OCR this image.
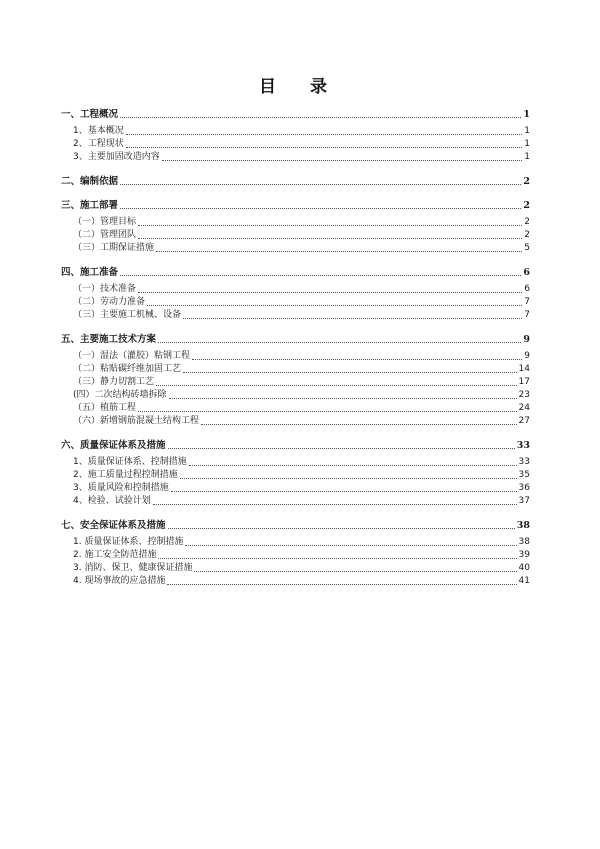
目 录
一、工程概况	1
1、基本概况	1
2、工程现状	1
3、主要加固改造内容	1
二、编制依据	2
三、施工部署	2
（一）管理目标	2
（二）管理团队	2
（三）工期保证措施	5
四、施工准备	6
（一）技术准备	6
（二）劳动力准备	7
（三）主要施工机械、设备	7
五、主要施工技术方案	9
（一）湿法（灌胶）粘钢工程	9
（二）粘贴碳纤维加固工艺	14
（三）静力切割工艺	17
(四）二次结构砖墙拆除	23
（五）植筋工程	24
（六）新增钢筋混凝土结构工程	27
六、质量保证体系及措施	33
1、质量保证体系、控制措施	33
2、施工质量过程控制措施	35
3、质量风险和控制措施	36
4、检验、试验计划	37
七、安全保证体系及措施	38
1. 质量保证体系、控制措施	38
2. 施工安全防范措施	39
3. 消防、保卫、健康保证措施	40
4. 现场事故的应急措施	41
